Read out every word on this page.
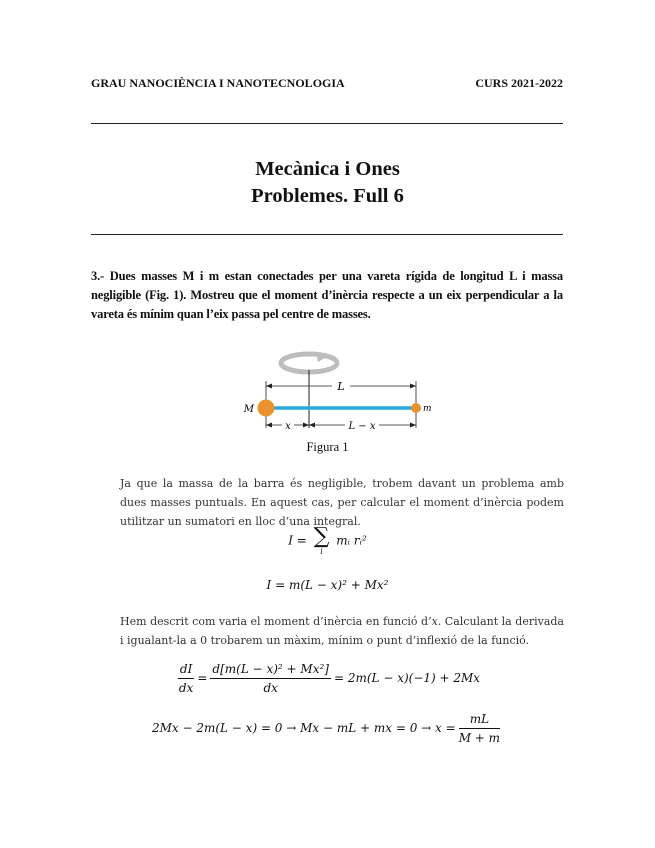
GRAU NANOCIÈNCIA I NANOTECNOLOGIA	CURS 2021-2022
Mecànica i Ones
Problemes. Full 6
3.- Dues masses M i m estan conectades per una vareta rígida de longitud L i massa negligible (Fig. 1). Mostreu que el moment d’inèrcia respecte a un eix perpendicular a la vareta és mínim quan l’eix passa pel centre de masses.
L
M	m
x	L − x
Figura 1
Ja que la massa de la barra és negligible, trobem davant un problema amb dues masses puntuals. En aquest cas, per calcular el moment d’inèrcia podem utilitzar un sumatori en lloc d’una integral.
I = ∑
i
mᵢ rᵢ²
I = m(L − x)² + Mx²
Hem descrit com varia el moment d’inèrcia en funció d’x. Calculant la derivada i igualant-la a 0 trobarem un màxim, mínim o punt d’inflexió de la funció.
$\frac{dI}{dx} = \frac{\text{d[m(L − x)² + Mx²]}}{dx} = 2m(L - x)(-1) + 2Mx$
2Mx − 2m(L − x) = 0 → Mx − mL + mx = $0 \to x = \frac{mL}{M + m}$
